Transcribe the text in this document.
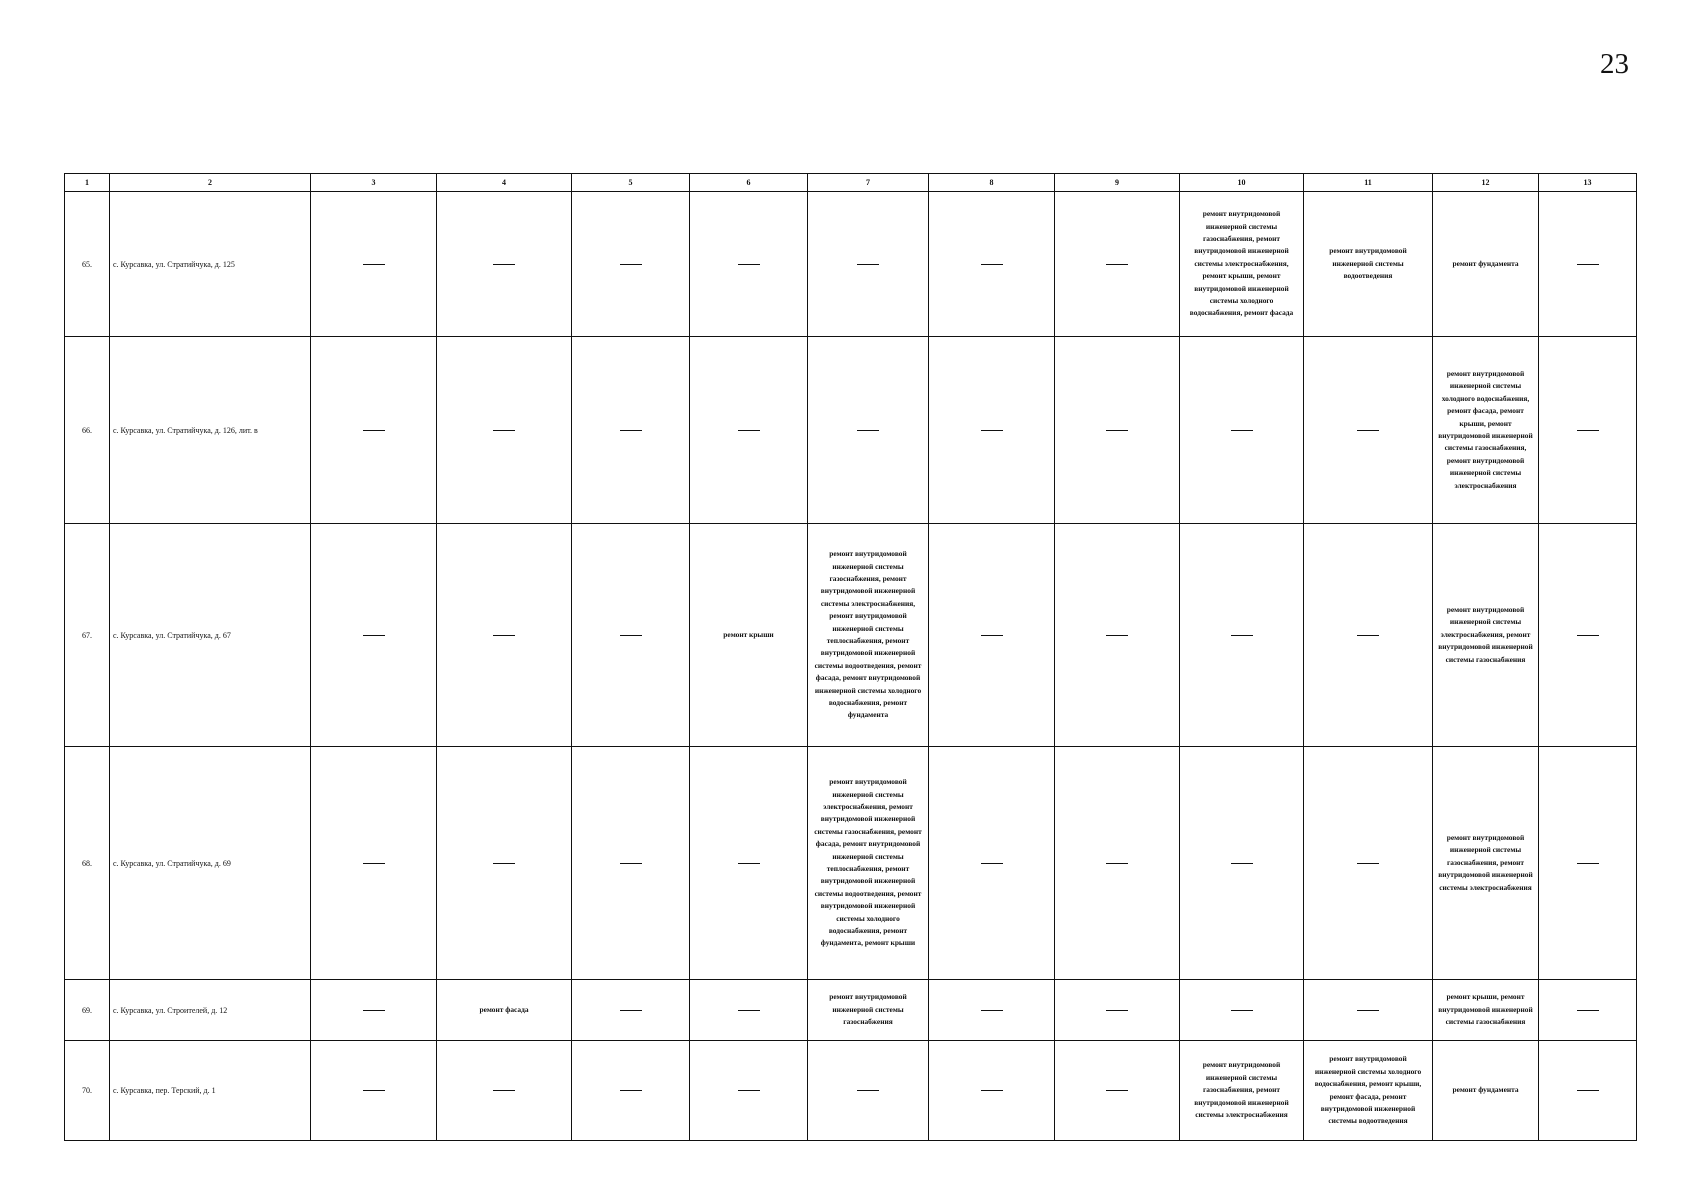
23
1	2	3	4	5	6	7	8	9	10	11	12	13
65.	с. Курсавка, ул. Стратийчука, д. 125								ремонт внутридомовой инженерной системы газоснабжения, ремонт внутридомовой инженерной системы электроснабжения, ремонт крыши, ремонт внутридомовой инженерной системы холодного водоснабжения, ремонт фасада	ремонт внутридомовой инженерной системы водоотведения	ремонт фундамента	
66.	с. Курсавка, ул. Стратийчука, д. 126, лит. в										ремонт внутридомовой инженерной системы холодного водоснабжения, ремонт фасада, ремонт крыши, ремонт внутридомовой инженерной системы газоснабжения, ремонт внутридомовой инженерной системы электроснабжения	
67.	с. Курсавка, ул. Стратийчука, д. 67				ремонт крыши	ремонт внутридомовой инженерной системы газоснабжения, ремонт внутридомовой инженерной системы электроснабжения, ремонт внутридомовой инженерной системы теплоснабжения, ремонт внутридомовой инженерной системы водоотведения, ремонт фасада, ремонт внутридомовой инженерной системы холодного водоснабжения, ремонт фундамента					ремонт внутридомовой инженерной системы электроснабжения, ремонт внутридомовой инженерной системы газоснабжения	
68.	с. Курсавка, ул. Стратийчука, д. 69					ремонт внутридомовой инженерной системы электроснабжения, ремонт внутридомовой инженерной системы газоснабжения, ремонт фасада, ремонт внутридомовой инженерной системы теплоснабжения, ремонт внутридомовой инженерной системы водоотведения, ремонт внутридомовой инженерной системы холодного водоснабжения, ремонт фундамента, ремонт крыши					ремонт внутридомовой инженерной системы газоснабжения, ремонт внутридомовой инженерной системы электроснабжения	
69.	с. Курсавка, ул. Строителей, д. 12		ремонт фасада			ремонт внутридомовой инженерной системы газоснабжения					ремонт крыши, ремонт внутридомовой инженерной системы газоснабжения	
70.	с. Курсавка, пер. Терский, д. 1								ремонт внутридомовой инженерной системы газоснабжения, ремонт внутридомовой инженерной системы электроснабжения	ремонт внутридомовой инженерной системы холодного водоснабжения, ремонт крыши, ремонт фасада, ремонт внутридомовой инженерной системы водоотведения	ремонт фундамента	
